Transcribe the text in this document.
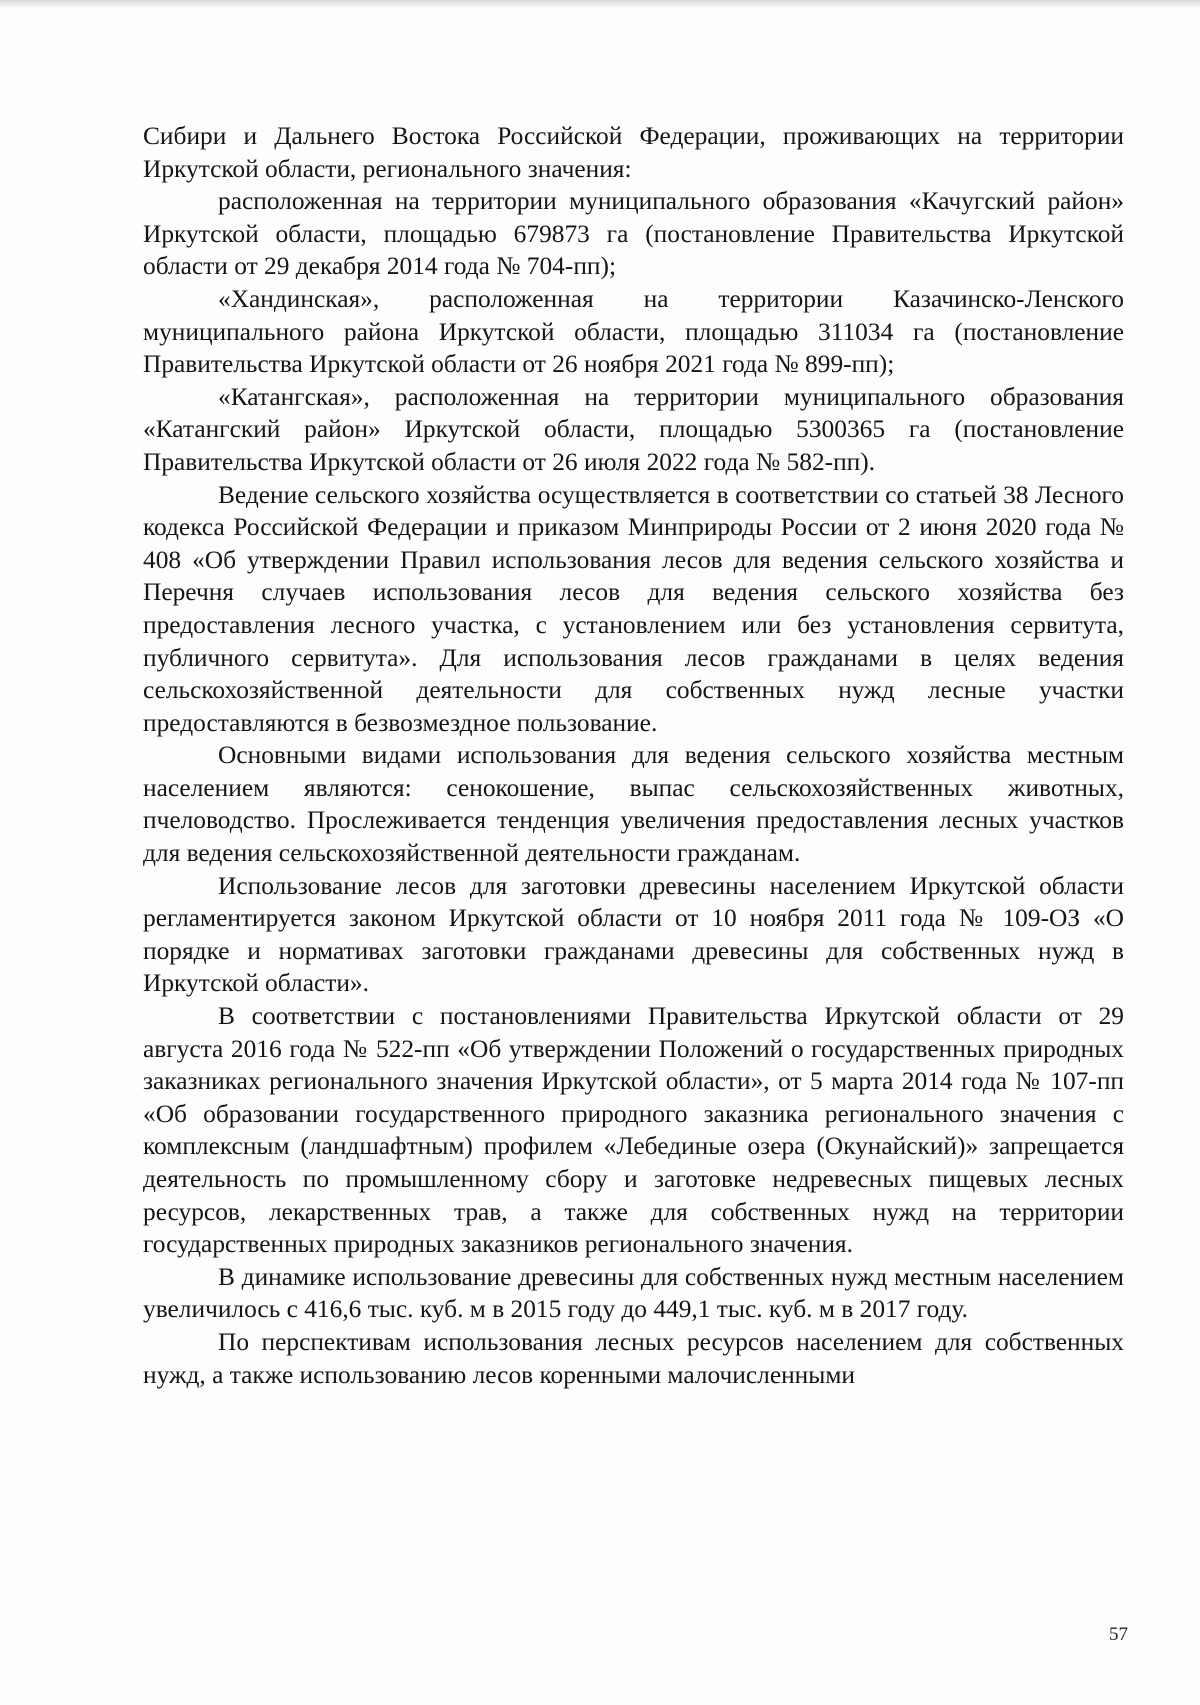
Сибири и Дальнего Востока Российской Федерации, проживающих на территории Иркутской области, регионального значения:

расположенная на территории муниципального образования «Качугский район» Иркутской области, площадью 679873 га (постановление Правительства Иркутской области от 29 декабря 2014 года № 704-пп);

«Хандинская», расположенная на территории Казачинско-Ленского муниципального района Иркутской области, площадью 311034 га (постановление Правительства Иркутской области от 26 ноября 2021 года № 899-пп);

«Катангская», расположенная на территории муниципального образования «Катангский район» Иркутской области, площадью 5300365 га (постановление Правительства Иркутской области от 26 июля 2022 года № 582-пп).

Ведение сельского хозяйства осуществляется в соответствии со статьей 38 Лесного кодекса Российской Федерации и приказом Минприроды России от 2 июня 2020 года № 408 «Об утверждении Правил использования лесов для ведения сельского хозяйства и Перечня случаев использования лесов для ведения сельского хозяйства без предоставления лесного участка, с установлением или без установления сервитута, публичного сервитута». Для использования лесов гражданами в целях ведения сельскохозяйственной деятельности для собственных нужд лесные участки предоставляются в безвозмездное пользование.

Основными видами использования для ведения сельского хозяйства местным населением являются: сенокошение, выпас сельскохозяйственных животных, пчеловодство. Прослеживается тенденция увеличения предоставления лесных участков для ведения сельскохозяйственной деятельности гражданам.

Использование лесов для заготовки древесины населением Иркутской области регламентируется законом Иркутской области от 10 ноября 2011 года № 109-ОЗ «О порядке и нормативах заготовки гражданами древесины для собственных нужд в Иркутской области».

В соответствии с постановлениями Правительства Иркутской области от 29 августа 2016 года № 522-пп «Об утверждении Положений о государственных природных заказниках регионального значения Иркутской области», от 5 марта 2014 года № 107-пп «Об образовании государственного природного заказника регионального значения с комплексным (ландшафтным) профилем «Лебединые озера (Окунайский)» запрещается деятельность по промышленному сбору и заготовке недревесных пищевых лесных ресурсов, лекарственных трав, а также для собственных нужд на территории государственных природных заказников регионального значения.

В динамике использование древесины для собственных нужд местным населением увеличилось с 416,6 тыс. куб. м в 2015 году до 449,1 тыс. куб. м в 2017 году.

По перспективам использования лесных ресурсов населением для собственных нужд, а также использованию лесов коренными малочисленными

57
